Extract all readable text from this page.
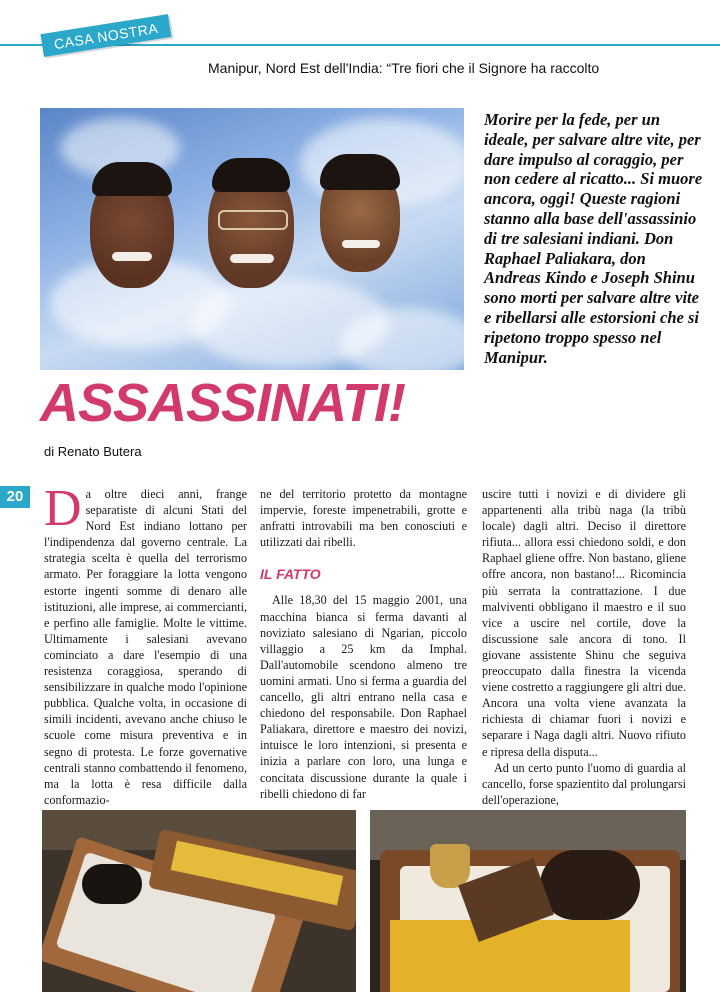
CASA NOSTRA
Manipur, Nord Est dell'India: “Tre fiori che il Signore ha raccolto
Morire per la fede, per un ideale, per salvare altre vite, per dare impulso al coraggio, per non cedere al ricatto... Si muore ancora, oggi! Queste ragioni stanno alla base dell'assassinio di tre salesiani indiani. Don Raphael Paliakara, don Andreas Kindo e Joseph Shinu sono morti per salvare altre vite e ribellarsi alle estorsioni che si ripetono troppo spesso nel Manipur.
ASSASSINATI!
di Renato Butera
20 Da oltre dieci anni, frange separatiste di alcuni Stati del Nord Est indiano lottano per l'indipendenza dal governo centrale. La strategia scelta è quella del terrorismo armato. Per foraggiare la lotta vengono estorte ingenti somme di denaro alle istituzioni, alle imprese, ai commercianti, e perfino alle famiglie. Molte le vittime. Ultimamente i salesiani avevano cominciato a dare l'esempio di una resistenza coraggiosa, sperando di sensibilizzare in qualche modo l'opinione pubblica. Qualche volta, in occasione di simili incidenti, avevano anche chiuso le scuole come misura preventiva e in segno di protesta. Le forze governative centrali stanno combattendo il fenomeno, ma la lotta è resa difficile dalla conformazio-

ne del territorio protetto da montagne impervie, foreste impenetrabili, grotte e anfratti introvabili ma ben conosciuti e utilizzati dai ribelli.

IL FATTO

Alle 18,30 del 15 maggio 2001, una macchina bianca si ferma davanti al noviziato salesiano di Ngarian, piccolo villaggio a 25 km da Imphal. Dall'automobile scendono almeno tre uomini armati. Uno si ferma a guardia del cancello, gli altri entrano nella casa e chiedono del responsabile. Don Raphael Paliakara, direttore e maestro dei novizi, intuisce le loro intenzioni, si presenta e inizia a parlare con loro, una lunga e concitata discussione durante la quale i ribelli chiedono di far

uscire tutti i novizi e di dividere gli appartenenti alla tribù naga (la tribù locale) dagli altri. Deciso il direttore rifiuta... allora essi chiedono soldi, e don Raphael gliene offre. Non bastano, gliene offre ancora, non bastano!... Ricomincia più serrata la contrattazione. I due malviventi obbligano il maestro e il suo vice a uscire nel cortile, dove la discussione sale ancora di tono. Il giovane assistente Shinu che seguiva preoccupato dalla finestra la vicenda viene costretto a raggiungere gli altri due. Ancora una volta viene avanzata la richiesta di chiamar fuori i novizi e separare i Naga dagli altri. Nuovo rifiuto e ripresa della disputa...

Ad un certo punto l'uomo di guardia al cancello, forse spazientito dal prolungarsi dell'operazione,
